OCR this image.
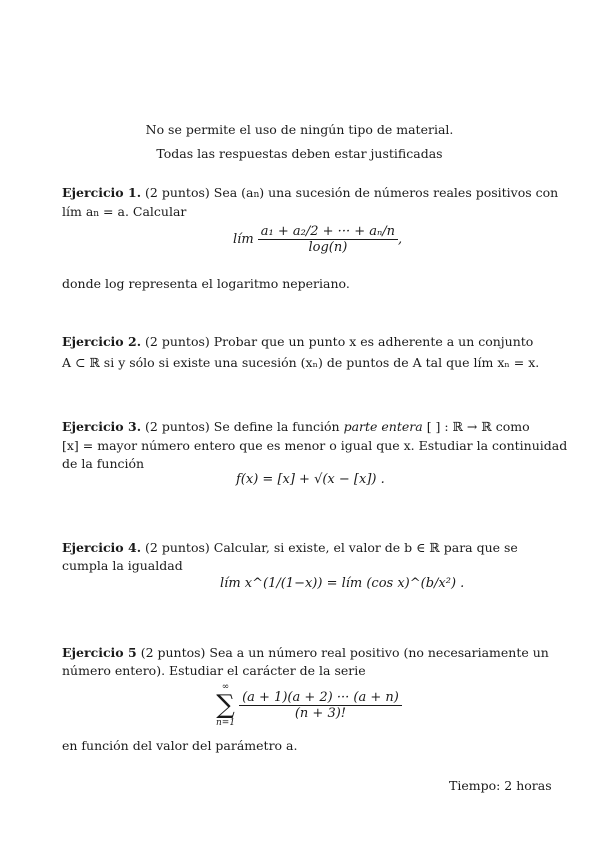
No se permite el uso de ningún tipo de material.
Todas las respuestas deben estar justificadas
Ejercicio 1. (2 puntos) Sea (an) una sucesión de números reales positivos con
lím an = a. Calcular
lím $\frac{\text{a₁ + a₂/2 + ··· + aₙ/n}}{\log(n)}$ ,
donde log representa el logaritmo neperiano.
Ejercicio 2. (2 puntos) Probar que un punto x es adherente a un conjunto
A ⊂ ℝ si y sólo si existe una sucesión (xₙ) de puntos de A tal que lím xₙ = x.
Ejercicio 3. (2 puntos) Se define la función parte entera [ ] : ℝ → ℝ como
[x] = mayor número entero que es menor o igual que x. Estudiar la continuidad
de la función
f(x) = [x] + √(x − [x]) .
Ejercicio 4. (2 puntos) Calcular, si existe, el valor de b ∈ ℝ para que se
cumpla la igualdad
lím x^(1/(1−x)) = lím (cos x)^(b/x²) .
Ejercicio 5 (2 puntos) Sea a un número real positivo (no necesariamente un
número entero). Estudiar el carácter de la serie
∞
∑
n=1
$\frac{(a + 1)(a + 2) \cdot\cdot\cdot (a + n)}{(n + 3)!}$
en función del valor del parámetro a.
Tiempo: 2 horas
